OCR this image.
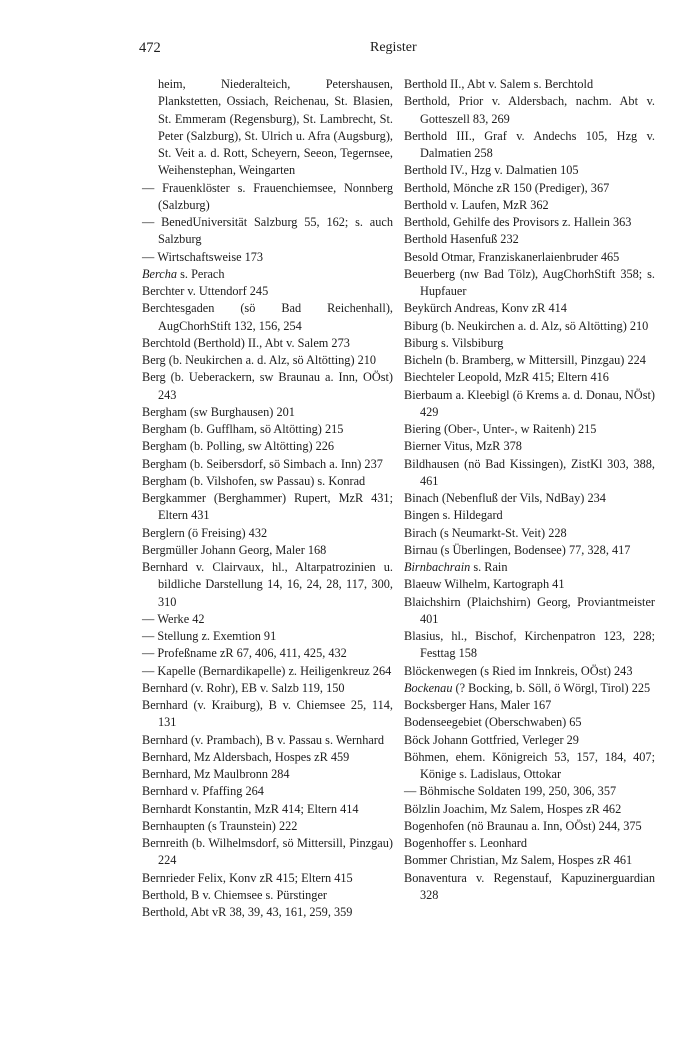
472	Register
heim, Niederalteich, Petershausen, Plankstetten, Ossiach, Reichenau, St. Blasien, St. Emmeram (Regensburg), St. Lambrecht, St. Peter (Salzburg), St. Ulrich u. Afra (Augsburg), St. Veit a. d. Rott, Scheyern, Seeon, Tegernsee, Weihenstephan, Weingarten
— Frauenklöster s. Frauenchiemsee, Nonnberg (Salzburg)
— BenedUniversität Salzburg 55, 162; s. auch Salzburg
— Wirtschaftsweise 173
Bercha s. Perach
Berchter v. Uttendorf 245
Berchtesgaden (sö Bad Reichenhall), AugChorhStift 132, 156, 254
Berchtold (Berthold) II., Abt v. Salem 273
Berg (b. Neukirchen a. d. Alz, sö Altötting) 210
Berg (b. Ueberackern, sw Braunau a. Inn, OÖst) 243
Bergham (sw Burghausen) 201
Bergham (b. Gufflham, sö Altötting) 215
Bergham (b. Polling, sw Altötting) 226
Bergham (b. Seibersdorf, sö Simbach a. Inn) 237
Bergham (b. Vilshofen, sw Passau) s. Konrad
Bergkammer (Berghammer) Rupert, MzR 431; Eltern 431
Berglern (ö Freising) 432
Bergmüller Johann Georg, Maler 168
Bernhard v. Clairvaux, hl., Altarpatrozinien u. bildliche Darstellung 14, 16, 24, 28, 117, 300, 310
— Werke 42
— Stellung z. Exemtion 91
— Profeßname zR 67, 406, 411, 425, 432
— Kapelle (Bernardikapelle) z. Heiligenkreuz 264
Bernhard (v. Rohr), EB v. Salzb 119, 150
Bernhard (v. Kraiburg), B v. Chiemsee 25, 114, 131
Bernhard (v. Prambach), B v. Passau s. Wernhard
Bernhard, Mz Aldersbach, Hospes zR 459
Bernhard, Mz Maulbronn 284
Bernhard v. Pfaffing 264
Bernhardt Konstantin, MzR 414; Eltern 414
Bernhaupten (s Traunstein) 222
Bernreith (b. Wilhelmsdorf, sö Mittersill, Pinzgau) 224
Bernrieder Felix, Konv zR 415; Eltern 415
Berthold, B v. Chiemsee s. Pürstinger
Berthold, Abt vR 38, 39, 43, 161, 259, 359
Berthold II., Abt v. Salem s. Berchtold
Berthold, Prior v. Aldersbach, nachm. Abt v. Gotteszell 83, 269
Berthold III., Graf v. Andechs 105, Hzg v. Dalmatien 258
Berthold IV., Hzg v. Dalmatien 105
Berthold, Mönche zR 150 (Prediger), 367
Berthold v. Laufen, MzR 362
Berthold, Gehilfe des Provisors z. Hallein 363
Berthold Hasenfuß 232
Besold Otmar, Franziskanerlaienbruder 465
Beuerberg (nw Bad Tölz), AugChorhStift 358; s. Hupfauer
Beykürch Andreas, Konv zR 414
Biburg (b. Neukirchen a. d. Alz, sö Altötting) 210
Biburg s. Vilsbiburg
Bicheln (b. Bramberg, w Mittersill, Pinzgau) 224
Biechteler Leopold, MzR 415; Eltern 416
Bierbaum a. Kleebigl (ö Krems a. d. Donau, NÖst) 429
Biering (Ober-, Unter-, w Raitenh) 215
Bierner Vitus, MzR 378
Bildhausen (nö Bad Kissingen), ZistKl 303, 388, 461
Binach (Nebenfluß der Vils, NdBay) 234
Bingen s. Hildegard
Birach (s Neumarkt-St. Veit) 228
Birnau (s Überlingen, Bodensee) 77, 328, 417
Birnbachrain s. Rain
Blaeuw Wilhelm, Kartograph 41
Blaichshirn (Plaichshirn) Georg, Proviantmeister 401
Blasius, hl., Bischof, Kirchenpatron 123, 228; Festtag 158
Blöckenwegen (s Ried im Innkreis, OÖst) 243
Bockenau (? Bocking, b. Söll, ö Wörgl, Tirol) 225
Bocksberger Hans, Maler 167
Bodenseegebiet (Oberschwaben) 65
Böck Johann Gottfried, Verleger 29
Böhmen, ehem. Königreich 53, 157, 184, 407; Könige s. Ladislaus, Ottokar
— Böhmische Soldaten 199, 250, 306, 357
Bölzlin Joachim, Mz Salem, Hospes zR 462
Bogenhofen (nö Braunau a. Inn, OÖst) 244, 375
Bogenhoffer s. Leonhard
Bommer Christian, Mz Salem, Hospes zR 461
Bonaventura v. Regenstauf, Kapuzinerguardian 328
